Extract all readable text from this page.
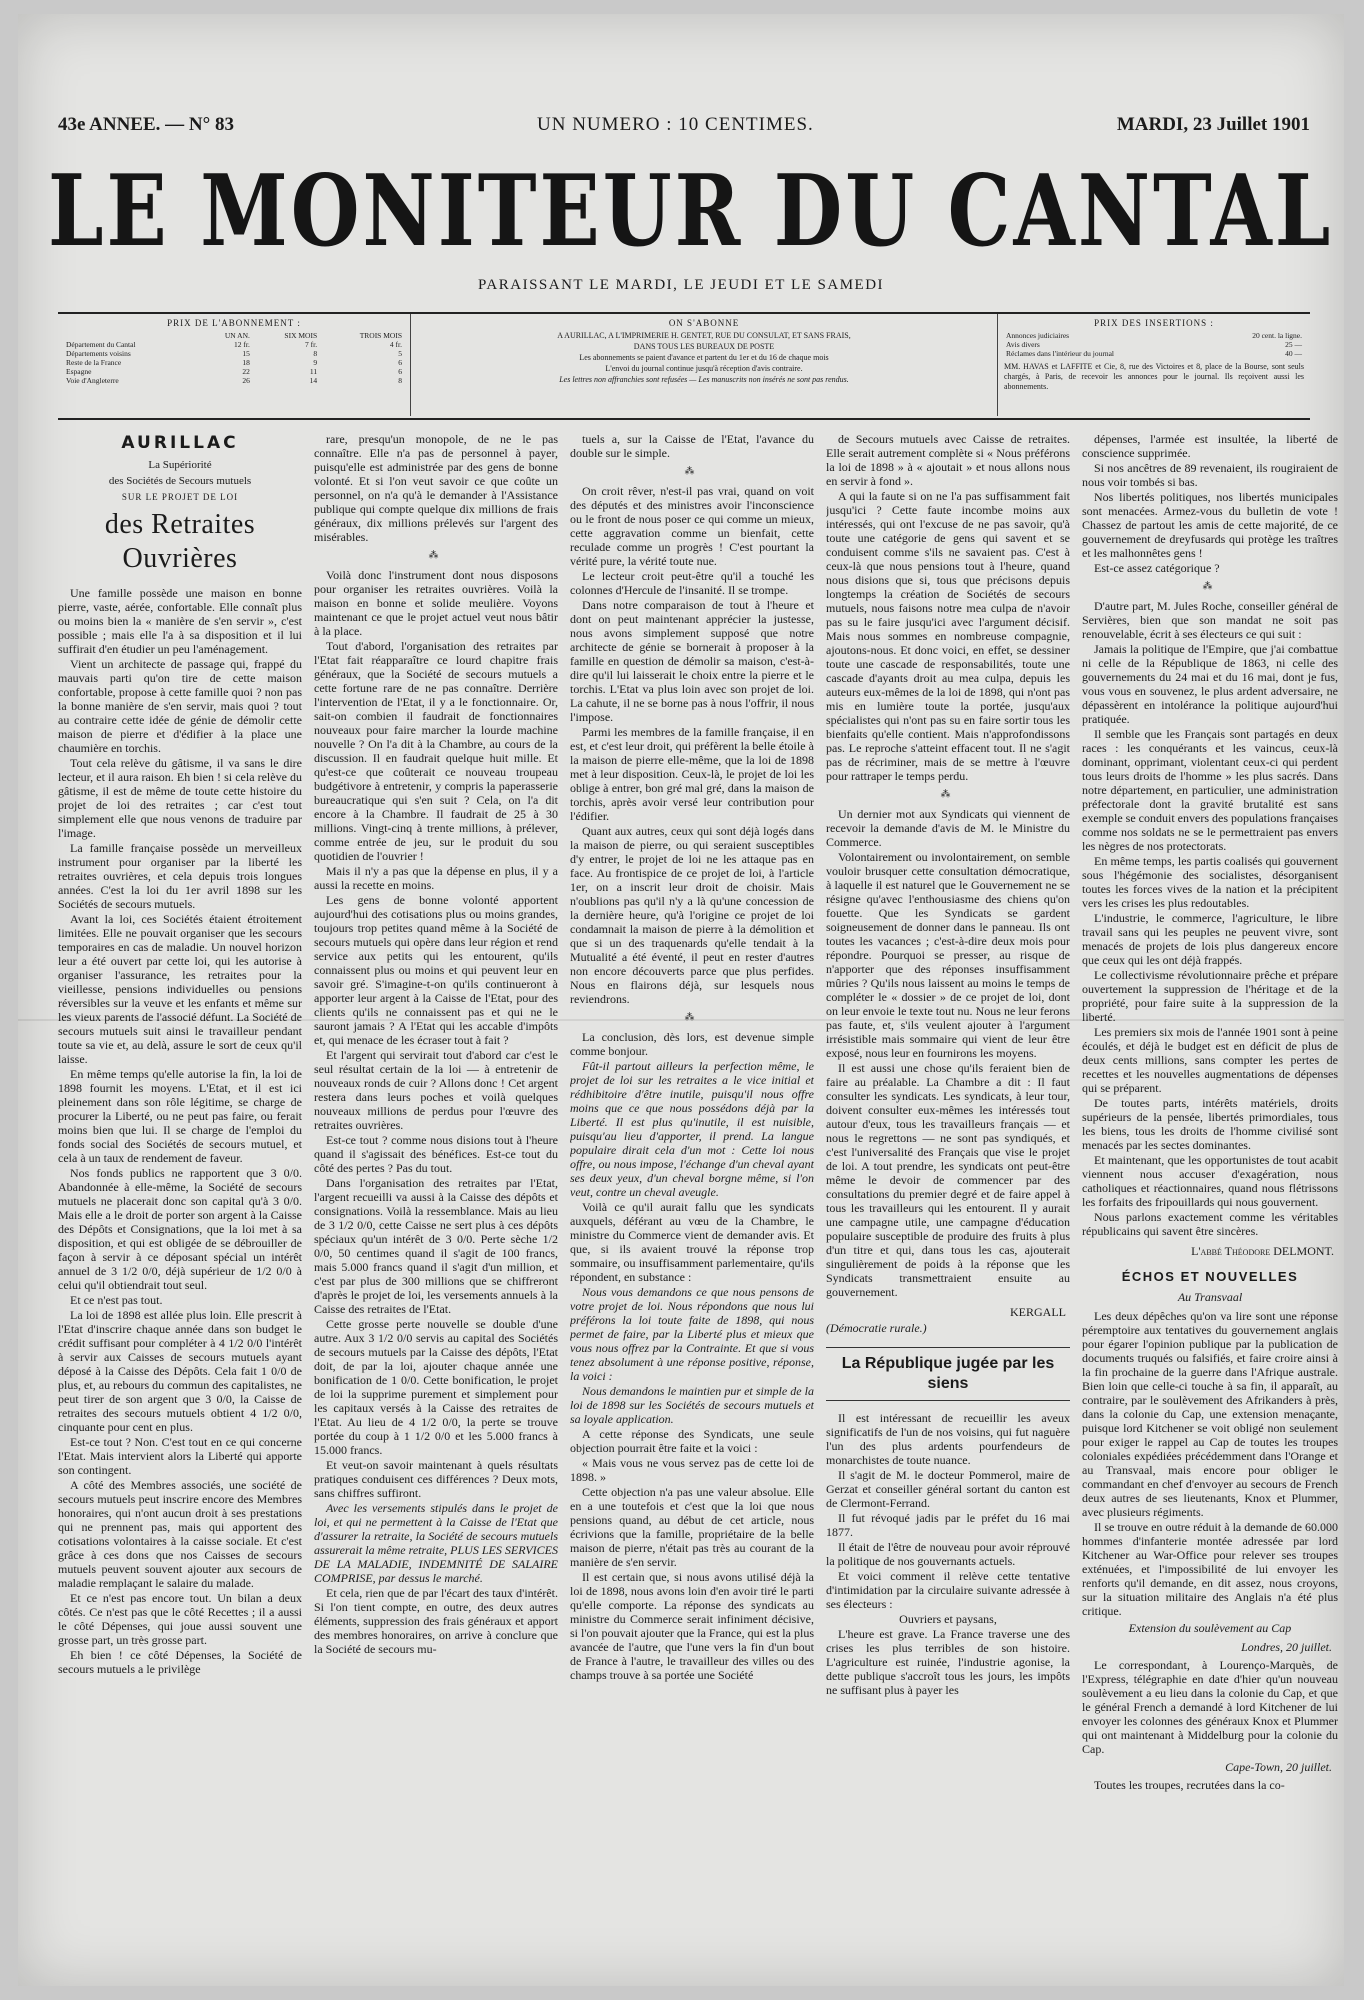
43e ANNEE. — N° 83	UN NUMERO : 10 CENTIMES.	MARDI, 23 Juillet 1901
LE MONITEUR DU CANTAL
PARAISSANT LE MARDI, LE JEUDI ET LE SAMEDI
PRIX DE L'ABONNEMENT :
	UN AN.	SIX MOIS	TROIS MOIS
Département du Cantal	12 fr.	7 fr.	4 fr.
Départements voisins	15	8	5
Reste de la France	18	9	6
Espagne	22	11	6
Voie d'Angleterre	26	14	8
ON S'ABONNE

A AURILLAC, A L'IMPRIMERIE H. GENTET, RUE DU CONSULAT, ET SANS FRAIS,

DANS TOUS LES BUREAUX DE POSTE

Les abonnements se paient d'avance et partent du 1er et du 16 de chaque mois

L'envoi du journal continue jusqu'à réception d'avis contraire.

Les lettres non affranchies sont refusées — Les manuscrits non insérés ne sont pas rendus.

PRIX DES INSERTIONS :
Annonces judiciaires	20 cent. la ligne.
Avis divers	25 —
Réclames dans l'intérieur du journal	40 —

MM. HAVAS et LAFFITE et Cie, 8, rue des Victoires et 8, place de la Bourse, sont seuls chargés, à Paris, de recevoir les annonces pour le journal. Ils reçoivent aussi les abonnements.

AURILLAC
La Supériorité
des Sociétés de Secours mutuels
SUR LE PROJET DE LOI
des Retraites Ouvrières

Une famille possède une maison en bonne pierre, vaste, aérée, confortable. Elle connaît plus ou moins bien la « manière de s'en servir », c'est possible ; mais elle l'a à sa disposition et il lui suffirait d'en étudier un peu l'aménagement.

Vient un architecte de passage qui, frappé du mauvais parti qu'on tire de cette maison confortable, propose à cette famille quoi ? non pas la bonne manière de s'en servir, mais quoi ? tout au contraire cette idée de génie de démolir cette maison de pierre et d'édifier à la place une chaumière en torchis.

Tout cela relève du gâtisme, il va sans le dire lecteur, et il aura raison. Eh bien ! si cela relève du gâtisme, il est de même de toute cette histoire du projet de loi des retraites ; car c'est tout simplement elle que nous venons de traduire par l'image.

La famille française possède un merveilleux instrument pour organiser par la liberté les retraites ouvrières, et cela depuis trois longues années. C'est la loi du 1er avril 1898 sur les Sociétés de secours mutuels.

Avant la loi, ces Sociétés étaient étroitement limitées. Elle ne pouvait organiser que les secours temporaires en cas de maladie. Un nouvel horizon leur a été ouvert par cette loi, qui les autorise à organiser l'assurance, les retraites pour la vieillesse, pensions individuelles ou pensions réversibles sur la veuve et les enfants et même sur les vieux parents de l'associé défunt. La Société de secours mutuels suit ainsi le travailleur pendant toute sa vie et, au delà, assure le sort de ceux qu'il laisse.

En même temps qu'elle autorise la fin, la loi de 1898 fournit les moyens. L'Etat, et il est ici pleinement dans son rôle légitime, se charge de procurer la Liberté, ou ne peut pas faire, ou ferait moins bien que lui. Il se charge de l'emploi du fonds social des Sociétés de secours mutuel, et cela à un taux de rendement de faveur.

Nos fonds publics ne rapportent que 3 0/0. Abandonnée à elle-même, la Société de secours mutuels ne placerait donc son capital qu'à 3 0/0. Mais elle a le droit de porter son argent à la Caisse des Dépôts et Consignations, que la loi met à sa disposition, et qui est obligée de se débrouiller de façon à servir à ce déposant spécial un intérêt annuel de 3 1/2 0/0, déjà supérieur de 1/2 0/0 à celui qu'il obtiendrait tout seul.

Et ce n'est pas tout.

La loi de 1898 est allée plus loin. Elle prescrit à l'Etat d'inscrire chaque année dans son budget le crédit suffisant pour compléter à 4 1/2 0/0 l'intérêt à servir aux Caisses de secours mutuels ayant déposé à la Caisse des Dépôts. Cela fait 1 0/0 de plus, et, au rebours du commun des capitalistes, ne peut tirer de son argent que 3 0/0, la Caisse de retraites des secours mutuels obtient 4 1/2 0/0, cinquante pour cent en plus.

Est-ce tout ? Non. C'est tout en ce qui concerne l'Etat. Mais intervient alors la Liberté qui apporte son contingent.

A côté des Membres associés, une société de secours mutuels peut inscrire encore des Membres honoraires, qui n'ont aucun droit à ses prestations qui ne prennent pas, mais qui apportent des cotisations volontaires à la caisse sociale. Et c'est grâce à ces dons que nos Caisses de secours mutuels peuvent souvent ajouter aux secours de maladie remplaçant le salaire du malade.

Et ce n'est pas encore tout. Un bilan a deux côtés. Ce n'est pas que le côté Recettes ; il a aussi le côté Dépenses, qui joue aussi souvent une grosse part, un très grosse part.

Eh bien ! ce côté Dépenses, la Société de secours mutuels a le privilège

rare, presqu'un monopole, de ne le pas connaître. Elle n'a pas de personnel à payer, puisqu'elle est administrée par des gens de bonne volonté. Et si l'on veut savoir ce que coûte un personnel, on n'a qu'à le demander à l'Assistance publique qui compte quelque dix millions de frais généraux, dix millions prélevés sur l'argent des misérables.

⁂

Voilà donc l'instrument dont nous disposons pour organiser les retraites ouvrières. Voilà la maison en bonne et solide meulière. Voyons maintenant ce que le projet actuel veut nous bâtir à la place.

Tout d'abord, l'organisation des retraites par l'Etat fait réapparaître ce lourd chapitre frais généraux, que la Société de secours mutuels a cette fortune rare de ne pas connaître. Derrière l'intervention de l'Etat, il y a le fonctionnaire. Or, sait-on combien il faudrait de fonctionnaires nouveaux pour faire marcher la lourde machine nouvelle ? On l'a dit à la Chambre, au cours de la discussion. Il en faudrait quelque huit mille. Et qu'est-ce que coûterait ce nouveau troupeau budgétivore à entretenir, y compris la paperasserie bureaucratique qui s'en suit ? Cela, on l'a dit encore à la Chambre. Il faudrait de 25 à 30 millions. Vingt-cinq à trente millions, à prélever, comme entrée de jeu, sur le produit du sou quotidien de l'ouvrier !

Mais il n'y a pas que la dépense en plus, il y a aussi la recette en moins.

Les gens de bonne volonté apportent aujourd'hui des cotisations plus ou moins grandes, toujours trop petites quand même à la Société de secours mutuels qui opère dans leur région et rend service aux petits qui les entourent, qu'ils connaissent plus ou moins et qui peuvent leur en savoir gré. S'imagine-t-on qu'ils continueront à apporter leur argent à la Caisse de l'Etat, pour des clients qu'ils ne connaissent pas et qui ne le sauront jamais ? A l'Etat qui les accable d'impôts et, qui menace de les écraser tout à fait ?

Et l'argent qui servirait tout d'abord car c'est le seul résultat certain de la loi — à entretenir de nouveaux ronds de cuir ? Allons donc ! Cet argent restera dans leurs poches et voilà quelques nouveaux millions de perdus pour l'œuvre des retraites ouvrières.

Est-ce tout ? comme nous disions tout à l'heure quand il s'agissait des bénéfices. Est-ce tout du côté des pertes ? Pas du tout.

Dans l'organisation des retraites par l'Etat, l'argent recueilli va aussi à la Caisse des dépôts et consignations. Voilà la ressemblance. Mais au lieu de 3 1/2 0/0, cette Caisse ne sert plus à ces dépôts spéciaux qu'un intérêt de 3 0/0. Perte sèche 1/2 0/0, 50 centimes quand il s'agit de 100 francs, mais 5.000 francs quand il s'agit d'un million, et c'est par plus de 300 millions que se chiffreront d'après le projet de loi, les versements annuels à la Caisse des retraites de l'Etat.

Cette grosse perte nouvelle se double d'une autre. Aux 3 1/2 0/0 servis au capital des Sociétés de secours mutuels par la Caisse des dépôts, l'Etat doit, de par la loi, ajouter chaque année une bonification de 1 0/0. Cette bonification, le projet de loi la supprime purement et simplement pour les capitaux versés à la Caisse des retraites de l'Etat. Au lieu de 4 1/2 0/0, la perte se trouve portée du coup à 1 1/2 0/0 et les 5.000 francs à 15.000 francs.

Et veut-on savoir maintenant à quels résultats pratiques conduisent ces différences ? Deux mots, sans chiffres suffiront.

Avec les versements stipulés dans le projet de loi, et qui ne permettent à la Caisse de l'Etat que d'assurer la retraite, la Société de secours mutuels assurerait la même retraite, PLUS LES SERVICES DE LA MALADIE, INDEMNITÉ DE SALAIRE COMPRISE, par dessus le marché.

Et cela, rien que de par l'écart des taux d'intérêt. Si l'on tient compte, en outre, des deux autres éléments, suppression des frais généraux et apport des membres honoraires, on arrive à conclure que la Société de secours mu-

tuels a, sur la Caisse de l'Etat, l'avance du double sur le simple.

⁂

On croit rêver, n'est-il pas vrai, quand on voit des députés et des ministres avoir l'inconscience ou le front de nous poser ce qui comme un mieux, cette aggravation comme un bienfait, cette reculade comme un progrès ! C'est pourtant la vérité pure, la vérité toute nue.

Le lecteur croit peut-être qu'il a touché les colonnes d'Hercule de l'insanité. Il se trompe.

Dans notre comparaison de tout à l'heure et dont on peut maintenant apprécier la justesse, nous avons simplement supposé que notre architecte de génie se bornerait à proposer à la famille en question de démolir sa maison, c'est-à-dire qu'il lui laisserait le choix entre la pierre et le torchis. L'Etat va plus loin avec son projet de loi. La cahute, il ne se borne pas à nous l'offrir, il nous l'impose.

Parmi les membres de la famille française, il en est, et c'est leur droit, qui préfèrent la belle étoile à la maison de pierre elle-même, que la loi de 1898 met à leur disposition. Ceux-là, le projet de loi les oblige à entrer, bon gré mal gré, dans la maison de torchis, après avoir versé leur contribution pour l'édifier.

Quant aux autres, ceux qui sont déjà logés dans la maison de pierre, ou qui seraient susceptibles d'y entrer, le projet de loi ne les attaque pas en face. Au frontispice de ce projet de loi, à l'article 1er, on a inscrit leur droit de choisir. Mais n'oublions pas qu'il n'y a là qu'une concession de la dernière heure, qu'à l'origine ce projet de loi condamnait la maison de pierre à la démolition et que si un des traquenards qu'elle tendait à la Mutualité a été éventé, il peut en rester d'autres non encore découverts parce que plus perfides. Nous en flairons déjà, sur lesquels nous reviendrons.

⁂

La conclusion, dès lors, est devenue simple comme bonjour.

Fût-il partout ailleurs la perfection même, le projet de loi sur les retraites a le vice initial et rédhibitoire d'être inutile, puisqu'il nous offre moins que ce que nous possédons déjà par la Liberté. Il est plus qu'inutile, il est nuisible, puisqu'au lieu d'apporter, il prend. La langue populaire dirait cela d'un mot : Cette loi nous offre, ou nous impose, l'échange d'un cheval ayant ses deux yeux, d'un cheval borgne même, si l'on veut, contre un cheval aveugle.

Voilà ce qu'il aurait fallu que les syndicats auxquels, déférant au vœu de la Chambre, le ministre du Commerce vient de demander avis. Et que, si ils avaient trouvé la réponse trop sommaire, ou insuffisamment parlementaire, qu'ils répondent, en substance :

Nous vous demandons ce que nous pensons de votre projet de loi. Nous répondons que nous lui préférons la loi toute faite de 1898, qui nous permet de faire, par la Liberté plus et mieux que vous nous offrez par la Contrainte. Et que si vous tenez absolument à une réponse positive, réponse, la voici :

Nous demandons le maintien pur et simple de la loi de 1898 sur les Sociétés de secours mutuels et sa loyale application.

A cette réponse des Syndicats, une seule objection pourrait être faite et la voici :

« Mais vous ne vous servez pas de cette loi de 1898. »

Cette objection n'a pas une valeur absolue. Elle en a une toutefois et c'est que la loi que nous pensions quand, au début de cet article, nous écrivions que la famille, propriétaire de la belle maison de pierre, n'était pas très au courant de la manière de s'en servir.

Il est certain que, si nous avons utilisé déjà la loi de 1898, nous avons loin d'en avoir tiré le parti qu'elle comporte. La réponse des syndicats au ministre du Commerce serait infiniment décisive, si l'on pouvait ajouter que la France, qui est la plus avancée de l'autre, que l'une vers la fin d'un bout de France à l'autre, le travailleur des villes ou des champs trouve à sa portée une Société

de Secours mutuels avec Caisse de retraites. Elle serait autrement complète si « Nous préférons la loi de 1898 » à « ajoutait » et nous allons nous en servir à fond ».

A qui la faute si on ne l'a pas suffisamment fait jusqu'ici ? Cette faute incombe moins aux intéressés, qui ont l'excuse de ne pas savoir, qu'à toute une catégorie de gens qui savent et se conduisent comme s'ils ne savaient pas. C'est à ceux-là que nous pensions tout à l'heure, quand nous disions que si, tous que précisons depuis longtemps la création de Sociétés de secours mutuels, nous faisons notre mea culpa de n'avoir pas su le faire jusqu'ici avec l'argument décisif. Mais nous sommes en nombreuse compagnie, ajoutons-nous. Et donc voici, en effet, se dessiner toute une cascade de responsabilités, toute une cascade d'ayants droit au mea culpa, depuis les auteurs eux-mêmes de la loi de 1898, qui n'ont pas mis en lumière toute la portée, jusqu'aux spécialistes qui n'ont pas su en faire sortir tous les bienfaits qu'elle contient. Mais n'approfondissons pas. Le reproche s'atteint effacent tout. Il ne s'agit pas de récriminer, mais de se mettre à l'œuvre pour rattraper le temps perdu.

⁂

Un dernier mot aux Syndicats qui viennent de recevoir la demande d'avis de M. le Ministre du Commerce.

Volontairement ou involontairement, on semble vouloir brusquer cette consultation démocratique, à laquelle il est naturel que le Gouvernement ne se résigne qu'avec l'enthousiasme des chiens qu'on fouette. Que les Syndicats se gardent soigneusement de donner dans le panneau. Ils ont toutes les vacances ; c'est-à-dire deux mois pour répondre. Pourquoi se presser, au risque de n'apporter que des réponses insuffisamment mûries ? Qu'ils nous laissent au moins le temps de compléter le « dossier » de ce projet de loi, dont on leur envoie le texte tout nu. Nous ne leur ferons pas faute, et, s'ils veulent ajouter à l'argument irrésistible mais sommaire qui vient de leur être exposé, nous leur en fournirons les moyens.

Il est aussi une chose qu'ils feraient bien de faire au préalable. La Chambre a dit : Il faut consulter les syndicats. Les syndicats, à leur tour, doivent consulter eux-mêmes les intéressés tout autour d'eux, tous les travailleurs français — et nous le regrettons — ne sont pas syndiqués, et c'est l'universalité des Français que vise le projet de loi. A tout prendre, les syndicats ont peut-être même le devoir de commencer par des consultations du premier degré et de faire appel à tous les travailleurs qui les entourent. Il y aurait une campagne utile, une campagne d'éducation populaire susceptible de produire des fruits à plus d'un titre et qui, dans tous les cas, ajouterait singulièrement de poids à la réponse que les Syndicats transmettraient ensuite au gouvernement.

KERGALL

(Démocratie rurale.)

La République jugée par les siens

Il est intéressant de recueillir les aveux significatifs de l'un de nos voisins, qui fut naguère l'un des plus ardents pourfendeurs de monarchistes de toute nuance.

Il s'agit de M. le docteur Pommerol, maire de Gerzat et conseiller général sortant du canton est de Clermont-Ferrand.

Il fut révoqué jadis par le préfet du 16 mai 1877.

Il était de l'être de nouveau pour avoir réprouvé la politique de nos gouvernants actuels.

Et voici comment il relève cette tentative d'intimidation par la circulaire suivante adressée à ses électeurs :

Ouvriers et paysans,

L'heure est grave. La France traverse une des crises les plus terribles de son histoire. L'agriculture est ruinée, l'industrie agonise, la dette publique s'accroît tous les jours, les impôts ne suffisant plus à payer les

dépenses, l'armée est insultée, la liberté de conscience supprimée.

Si nos ancêtres de 89 revenaient, ils rougiraient de nous voir tombés si bas.

Nos libertés politiques, nos libertés municipales sont menacées. Armez-vous du bulletin de vote ! Chassez de partout les amis de cette majorité, de ce gouvernement de dreyfusards qui protège les traîtres et les malhonnêtes gens !

Est-ce assez catégorique ?

⁂

D'autre part, M. Jules Roche, conseiller général de Servières, bien que son mandat ne soit pas renouvelable, écrit à ses électeurs ce qui suit :

Jamais la politique de l'Empire, que j'ai combattue ni celle de la République de 1863, ni celle des gouvernements du 24 mai et du 16 mai, dont je fus, vous vous en souvenez, le plus ardent adversaire, ne dépassèrent en intolérance la politique aujourd'hui pratiquée.

Il semble que les Français sont partagés en deux races : les conquérants et les vaincus, ceux-là dominant, opprimant, violentant ceux-ci qui perdent tous leurs droits de l'homme » les plus sacrés. Dans notre département, en particulier, une administration préfectorale dont la gravité brutalité est sans exemple se conduit envers des populations françaises comme nos soldats ne se le permettraient pas envers les nègres de nos protectorats.

En même temps, les partis coalisés qui gouvernent sous l'hégémonie des socialistes, désorganisent toutes les forces vives de la nation et la précipitent vers les crises les plus redoutables.

L'industrie, le commerce, l'agriculture, le libre travail sans qui les peuples ne peuvent vivre, sont menacés de projets de lois plus dangereux encore que ceux qui les ont déjà frappés.

Le collectivisme révolutionnaire prêche et prépare ouvertement la suppression de l'héritage et de la propriété, pour faire suite à la suppression de la liberté.

Les premiers six mois de l'année 1901 sont à peine écoulés, et déjà le budget est en déficit de plus de deux cents millions, sans compter les pertes de recettes et les nouvelles augmentations de dépenses qui se préparent.

De toutes parts, intérêts matériels, droits supérieurs de la pensée, libertés primordiales, tous les biens, tous les droits de l'homme civilisé sont menacés par les sectes dominantes.

Et maintenant, que les opportunistes de tout acabit viennent nous accuser d'exagération, nous catholiques et réactionnaires, quand nous flétrissons les forfaits des fripouillards qui nous gouvernent.

Nous parlons exactement comme les véritables républicains qui savent être sincères.

L'abbé Théodore DELMONT.
ÉCHOS ET NOUVELLES
Au Transvaal

Les deux dépêches qu'on va lire sont une réponse péremptoire aux tentatives du gouvernement anglais pour égarer l'opinion publique par la publication de documents truqués ou falsifiés, et faire croire ainsi à la fin prochaine de la guerre dans l'Afrique australe. Bien loin que celle-ci touche à sa fin, il apparaît, au contraire, par le soulèvement des Afrikanders à près, dans la colonie du Cap, une extension menaçante, puisque lord Kitchener se voit obligé non seulement pour exiger le rappel au Cap de toutes les troupes coloniales expédiées précédemment dans l'Orange et au Transvaal, mais encore pour obliger le commandant en chef d'envoyer au secours de French deux autres de ses lieutenants, Knox et Plummer, avec plusieurs régiments.

Il se trouve en outre réduit à la demande de 60.000 hommes d'infanterie montée adressée par lord Kitchener au War-Office pour relever ses troupes exténuées, et l'impossibilité de lui envoyer les renforts qu'il demande, en dit assez, nous croyons, sur la situation militaire des Anglais n'a été plus critique.

Extension du soulèvement au Cap
Londres, 20 juillet.

Le correspondant, à Lourenço-Marquès, de l'Express, télégraphie en date d'hier qu'un nouveau soulèvement a eu lieu dans la colonie du Cap, et que le général French a demandé à lord Kitchener de lui envoyer les colonnes des généraux Knox et Plummer qui ont maintenant à Middelburg pour la colonie du Cap.

Cape-Town, 20 juillet.

Toutes les troupes, recrutées dans la co-
